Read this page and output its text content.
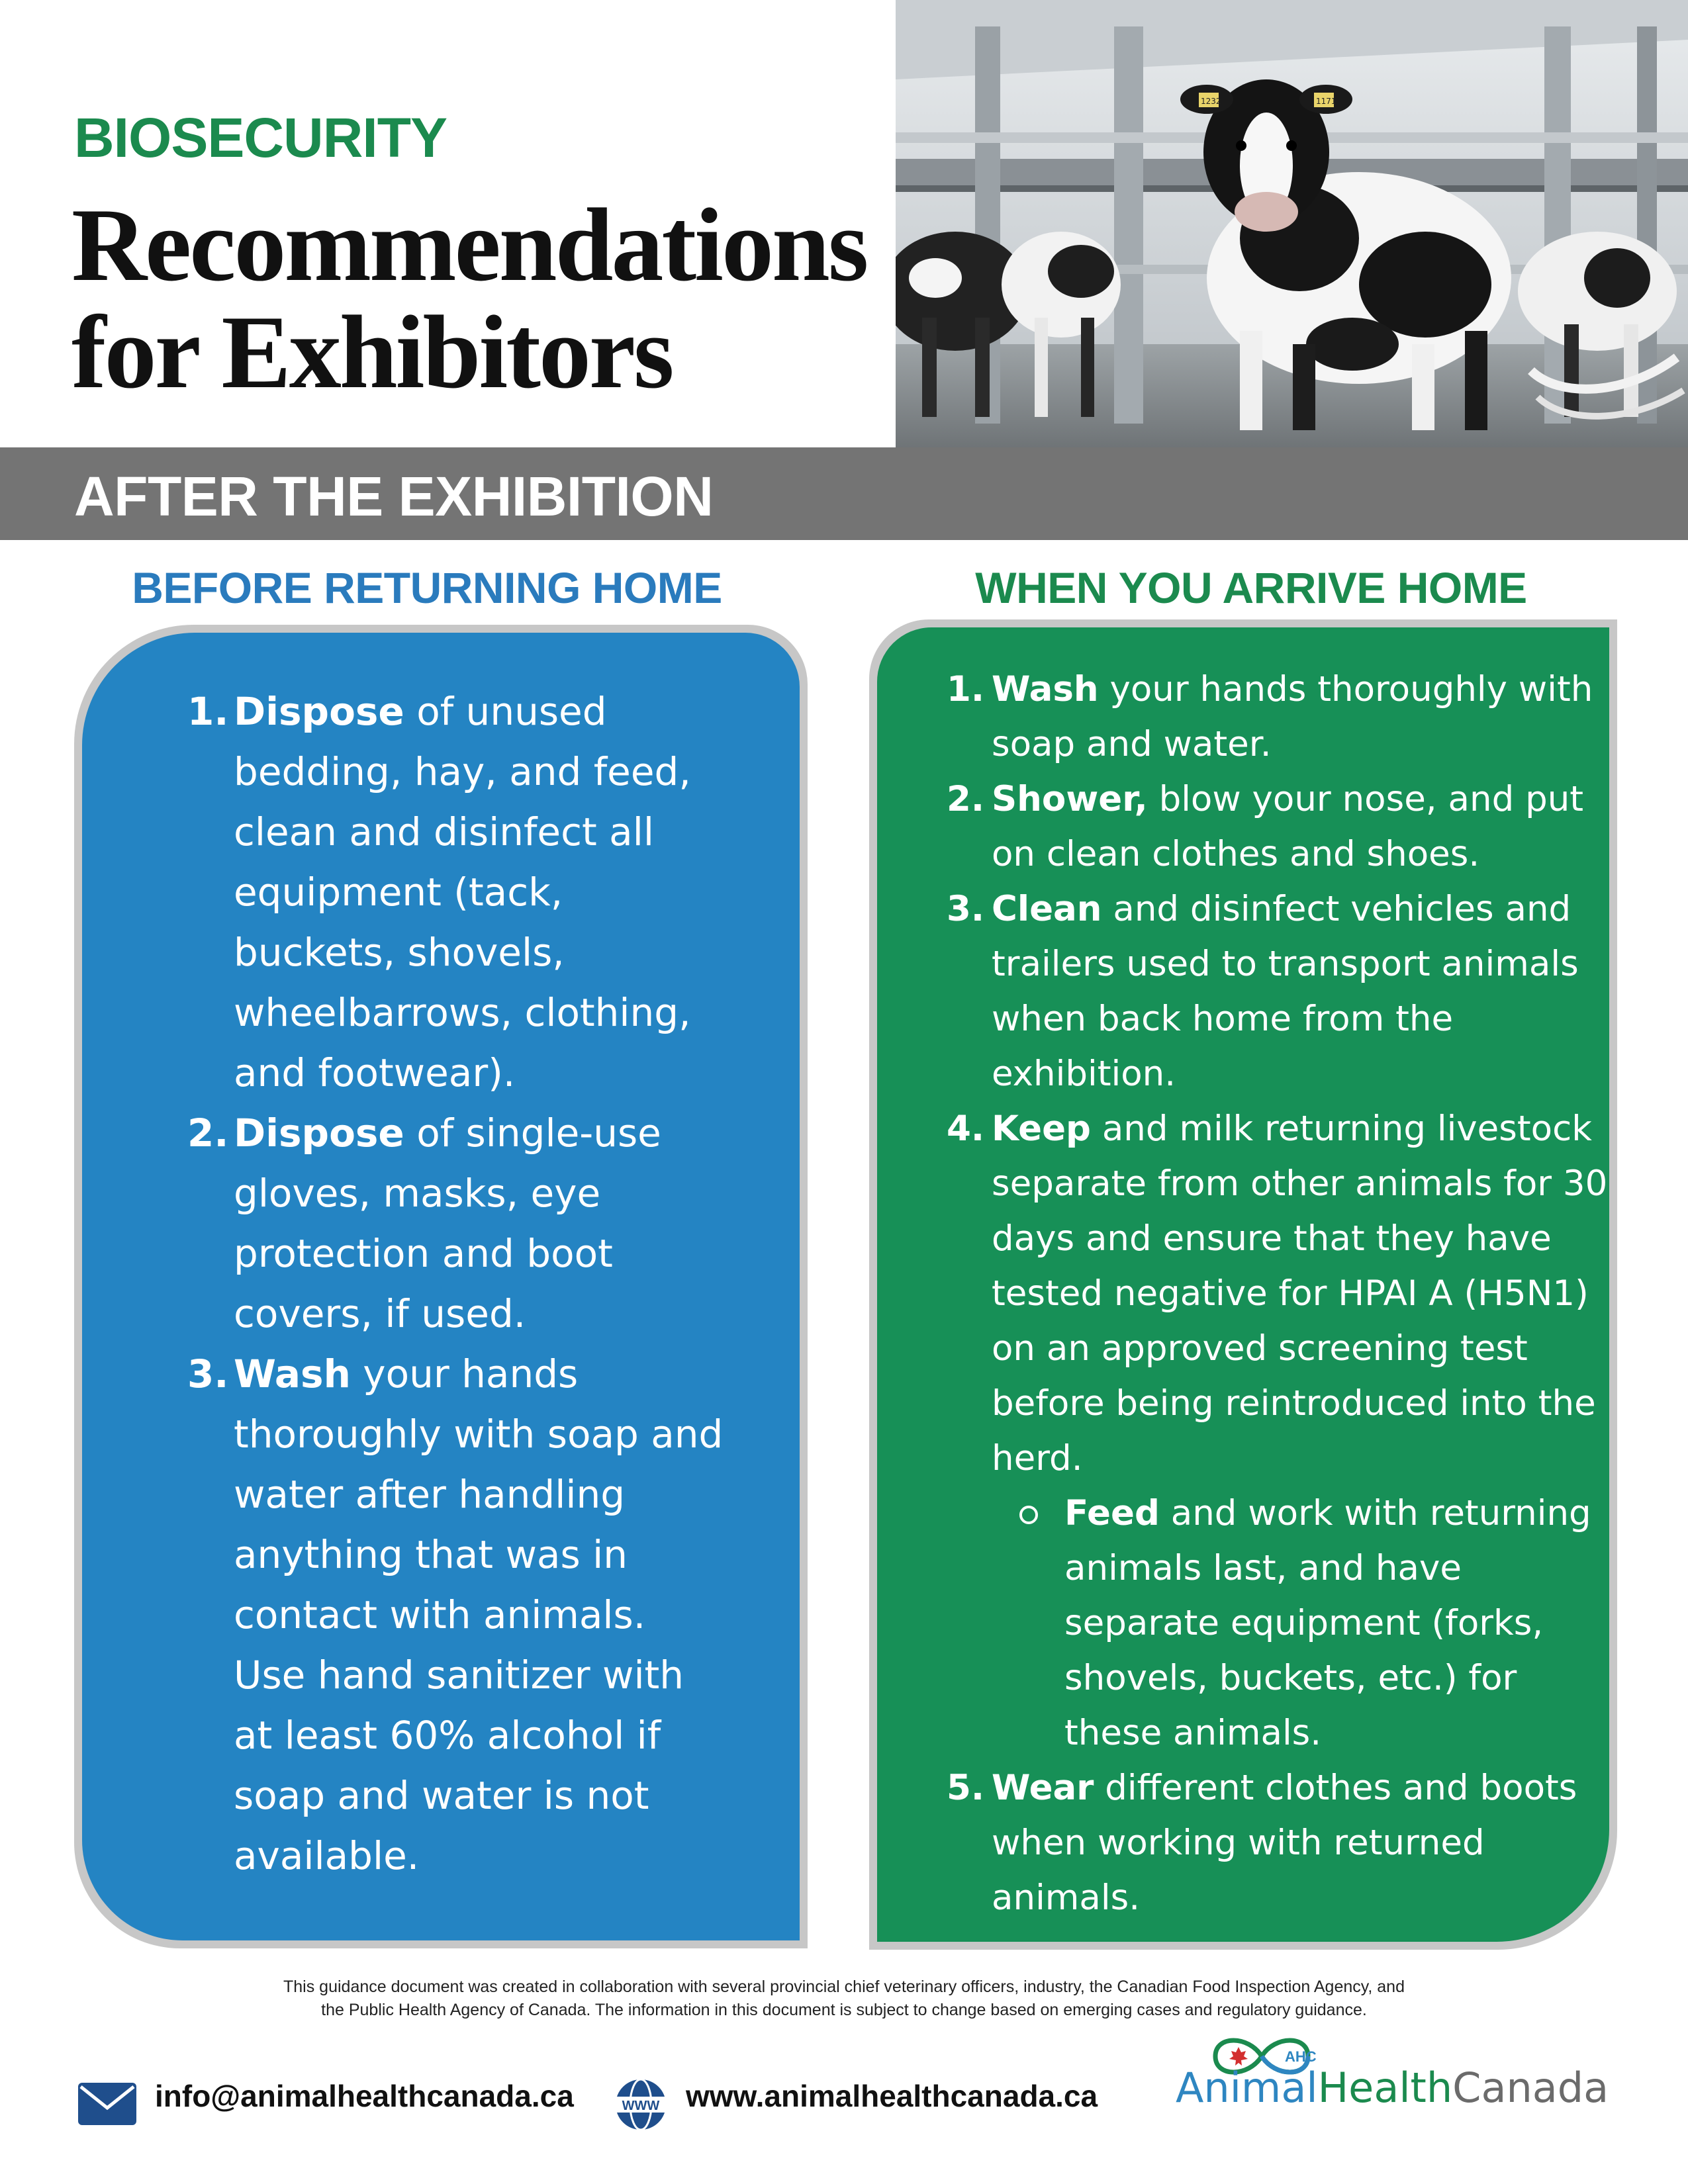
BIOSECURITY
Recommendations
for Exhibitors
1232	1171
AFTER THE EXHIBITION
BEFORE RETURNING HOME	WHEN YOU ARRIVE HOME
1. Dispose of unused bedding, hay, and feed, clean and disinfect all equipment (tack, buckets, shovels, wheelbarrows, clothing, and footwear).
2. Dispose of single-use gloves, masks, eye protection and boot covers, if used.
3. Wash your hands thoroughly with soap and water after handling anything that was in contact with animals. Use hand sanitizer with at least 60% alcohol if soap and water is not available.
1. Wash your hands thoroughly with soap and water.
2. Shower, blow your nose, and put on clean clothes and shoes.
3. Clean and disinfect vehicles and trailers used to transport animals when back home from the exhibition.
4. Keep and milk returning livestock separate from other animals for 30 days and ensure that they have tested negative for HPAI A (H5N1) on an approved screening test before being reintroduced into the herd.
Feed and work with returning animals last, and have separate equipment (forks, shovels, buckets, etc.) for these animals.
5. Wear different clothes and boots when working with returned animals.
This guidance document was created in collaboration with several provincial chief veterinary officers, industry, the Canadian Food Inspection Agency, and
the Public Health Agency of Canada. The information in this document is subject to change based on emerging cases and regulatory guidance.
info@animalhealthcanada.ca	WWW www.animalhealthcanada.ca
AHC
AnimalHealthCanada
